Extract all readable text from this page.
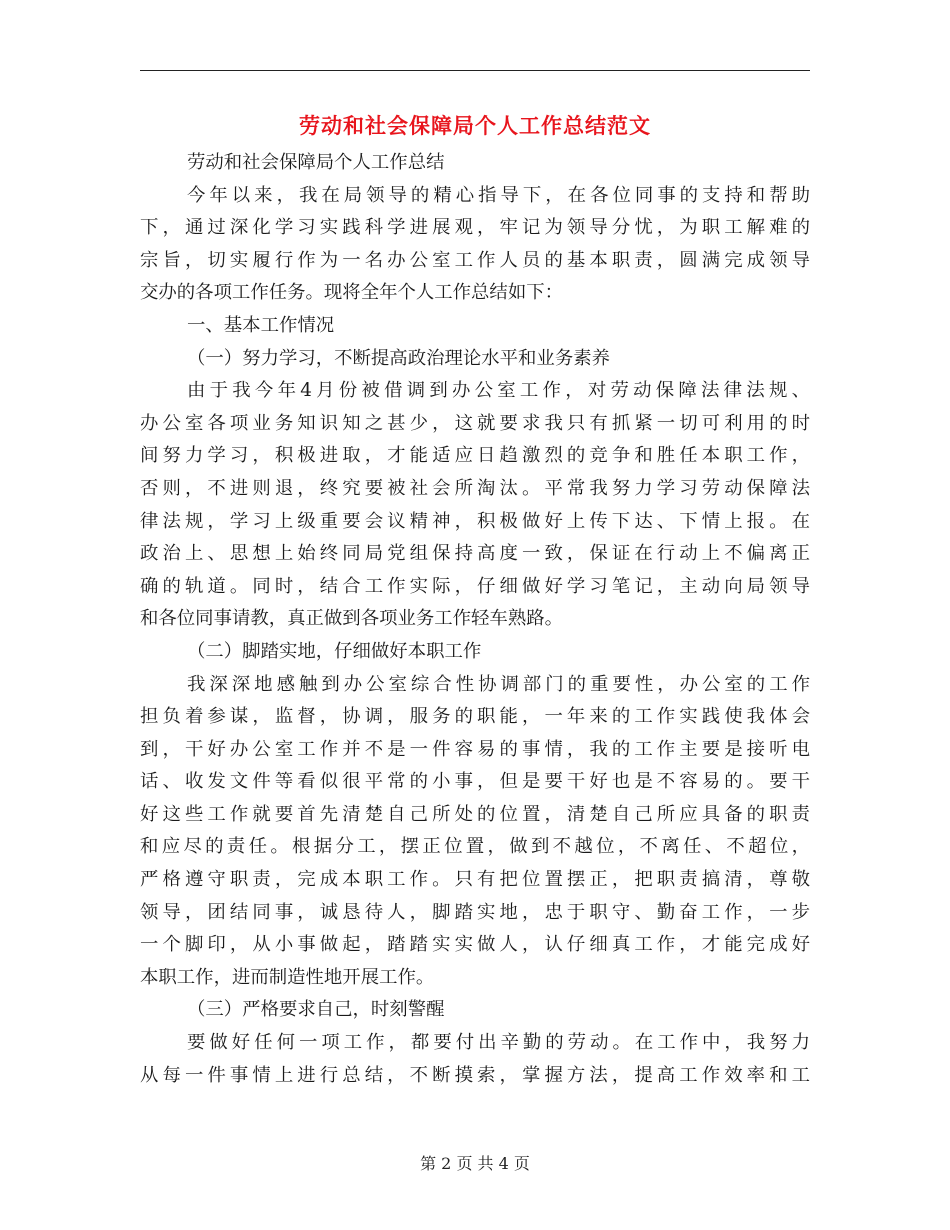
劳动和社会保障局个人工作总结范文
劳动和社会保障局个人工作总结
今年以来，我在局领导的精心指导下，在各位同事的支持和帮助
下，通过深化学习实践科学进展观，牢记为领导分忧，为职工解难的
宗旨，切实履行作为一名办公室工作人员的基本职责，圆满完成领导
交办的各项工作任务。现将全年个人工作总结如下：
一、基本工作情况
（一）努力学习，不断提高政治理论水平和业务素养
由于我今年4月份被借调到办公室工作，对劳动保障法律法规、
办公室各项业务知识知之甚少，这就要求我只有抓紧一切可利用的时
间努力学习，积极进取，才能适应日趋激烈的竞争和胜任本职工作，
否则，不进则退，终究要被社会所淘汰。平常我努力学习劳动保障法
律法规，学习上级重要会议精神，积极做好上传下达、下情上报。在
政治上、思想上始终同局党组保持高度一致，保证在行动上不偏离正
确的轨道。同时，结合工作实际，仔细做好学习笔记，主动向局领导
和各位同事请教，真正做到各项业务工作轻车熟路。
（二）脚踏实地，仔细做好本职工作
我深深地感触到办公室综合性协调部门的重要性，办公室的工作
担负着参谋，监督，协调，服务的职能，一年来的工作实践使我体会
到，干好办公室工作并不是一件容易的事情，我的工作主要是接听电
话、收发文件等看似很平常的小事，但是要干好也是不容易的。要干
好这些工作就要首先清楚自己所处的位置，清楚自己所应具备的职责
和应尽的责任。根据分工，摆正位置，做到不越位，不离任、不超位，
严格遵守职责，完成本职工作。只有把位置摆正，把职责搞清，尊敬
领导，团结同事，诚恳待人，脚踏实地，忠于职守、勤奋工作，一步
一个脚印，从小事做起，踏踏实实做人，认仔细真工作，才能完成好
本职工作，进而制造性地开展工作。
（三）严格要求自己，时刻警醒
要做好任何一项工作，都要付出辛勤的劳动。在工作中，我努力
从每一件事情上进行总结，不断摸索，掌握方法，提高工作效率和工
第 2 页 共 4 页
